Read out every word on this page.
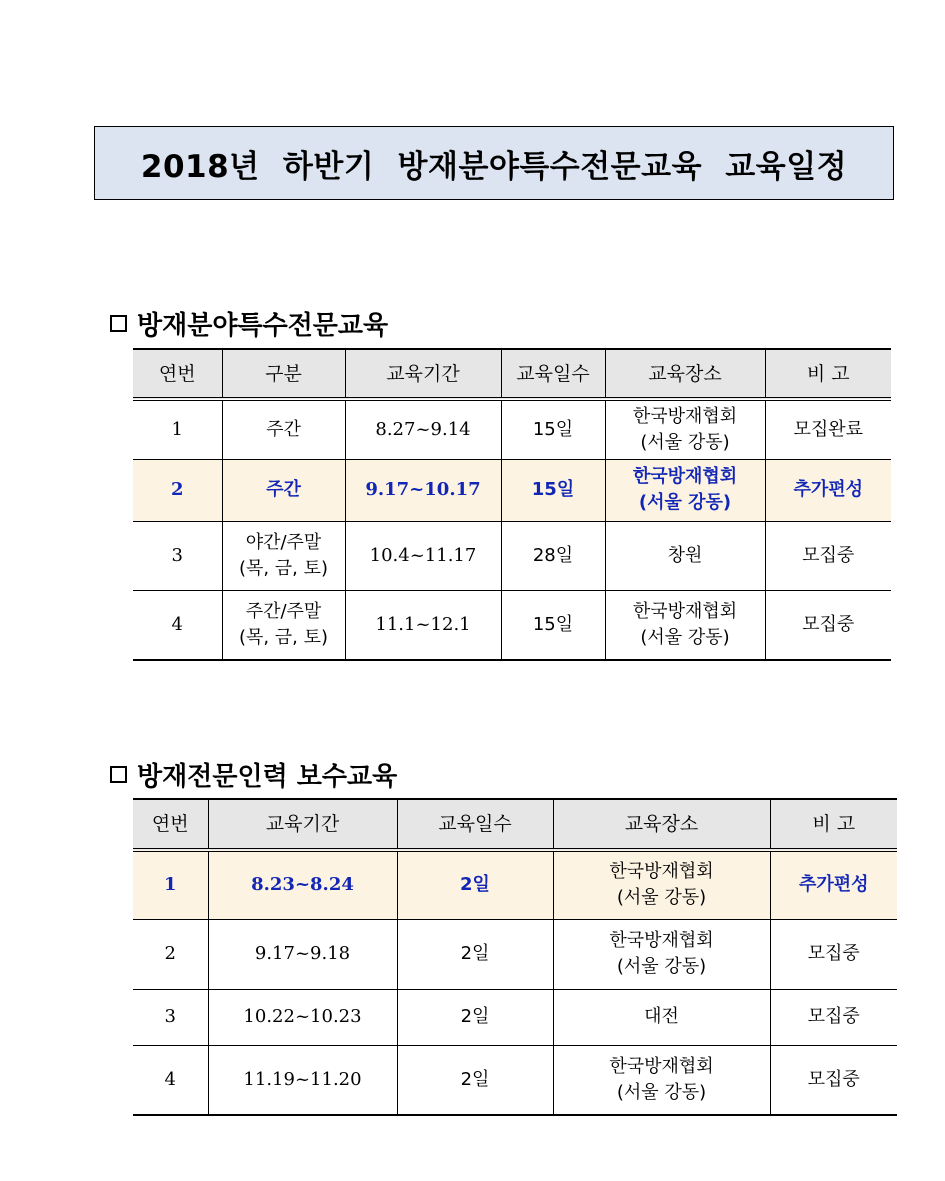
2018년 하반기 방재분야특수전문교육 교육일정
방재분야특수전문교육
연번	구분	교육기간	교육일수	교육장소	비 고
1	주간	8.27~9.14	15일	한국방재협회
(서울 강동)	모집완료
2	주간	9.17~10.17	15일	한국방재협회
(서울 강동)	추가편성
3	야간/주말
(목, 금, 토)	10.4~11.17	28일	창원	모집중
4	주간/주말
(목, 금, 토)	11.1~12.1	15일	한국방재협회
(서울 강동)	모집중
방재전문인력 보수교육
연번	교육기간	교육일수	교육장소	비 고
1	8.23~8.24	2일	한국방재협회
(서울 강동)	추가편성
2	9.17~9.18	2일	한국방재협회
(서울 강동)	모집중
3	10.22~10.23	2일	대전	모집중
4	11.19~11.20	2일	한국방재협회
(서울 강동)	모집중
